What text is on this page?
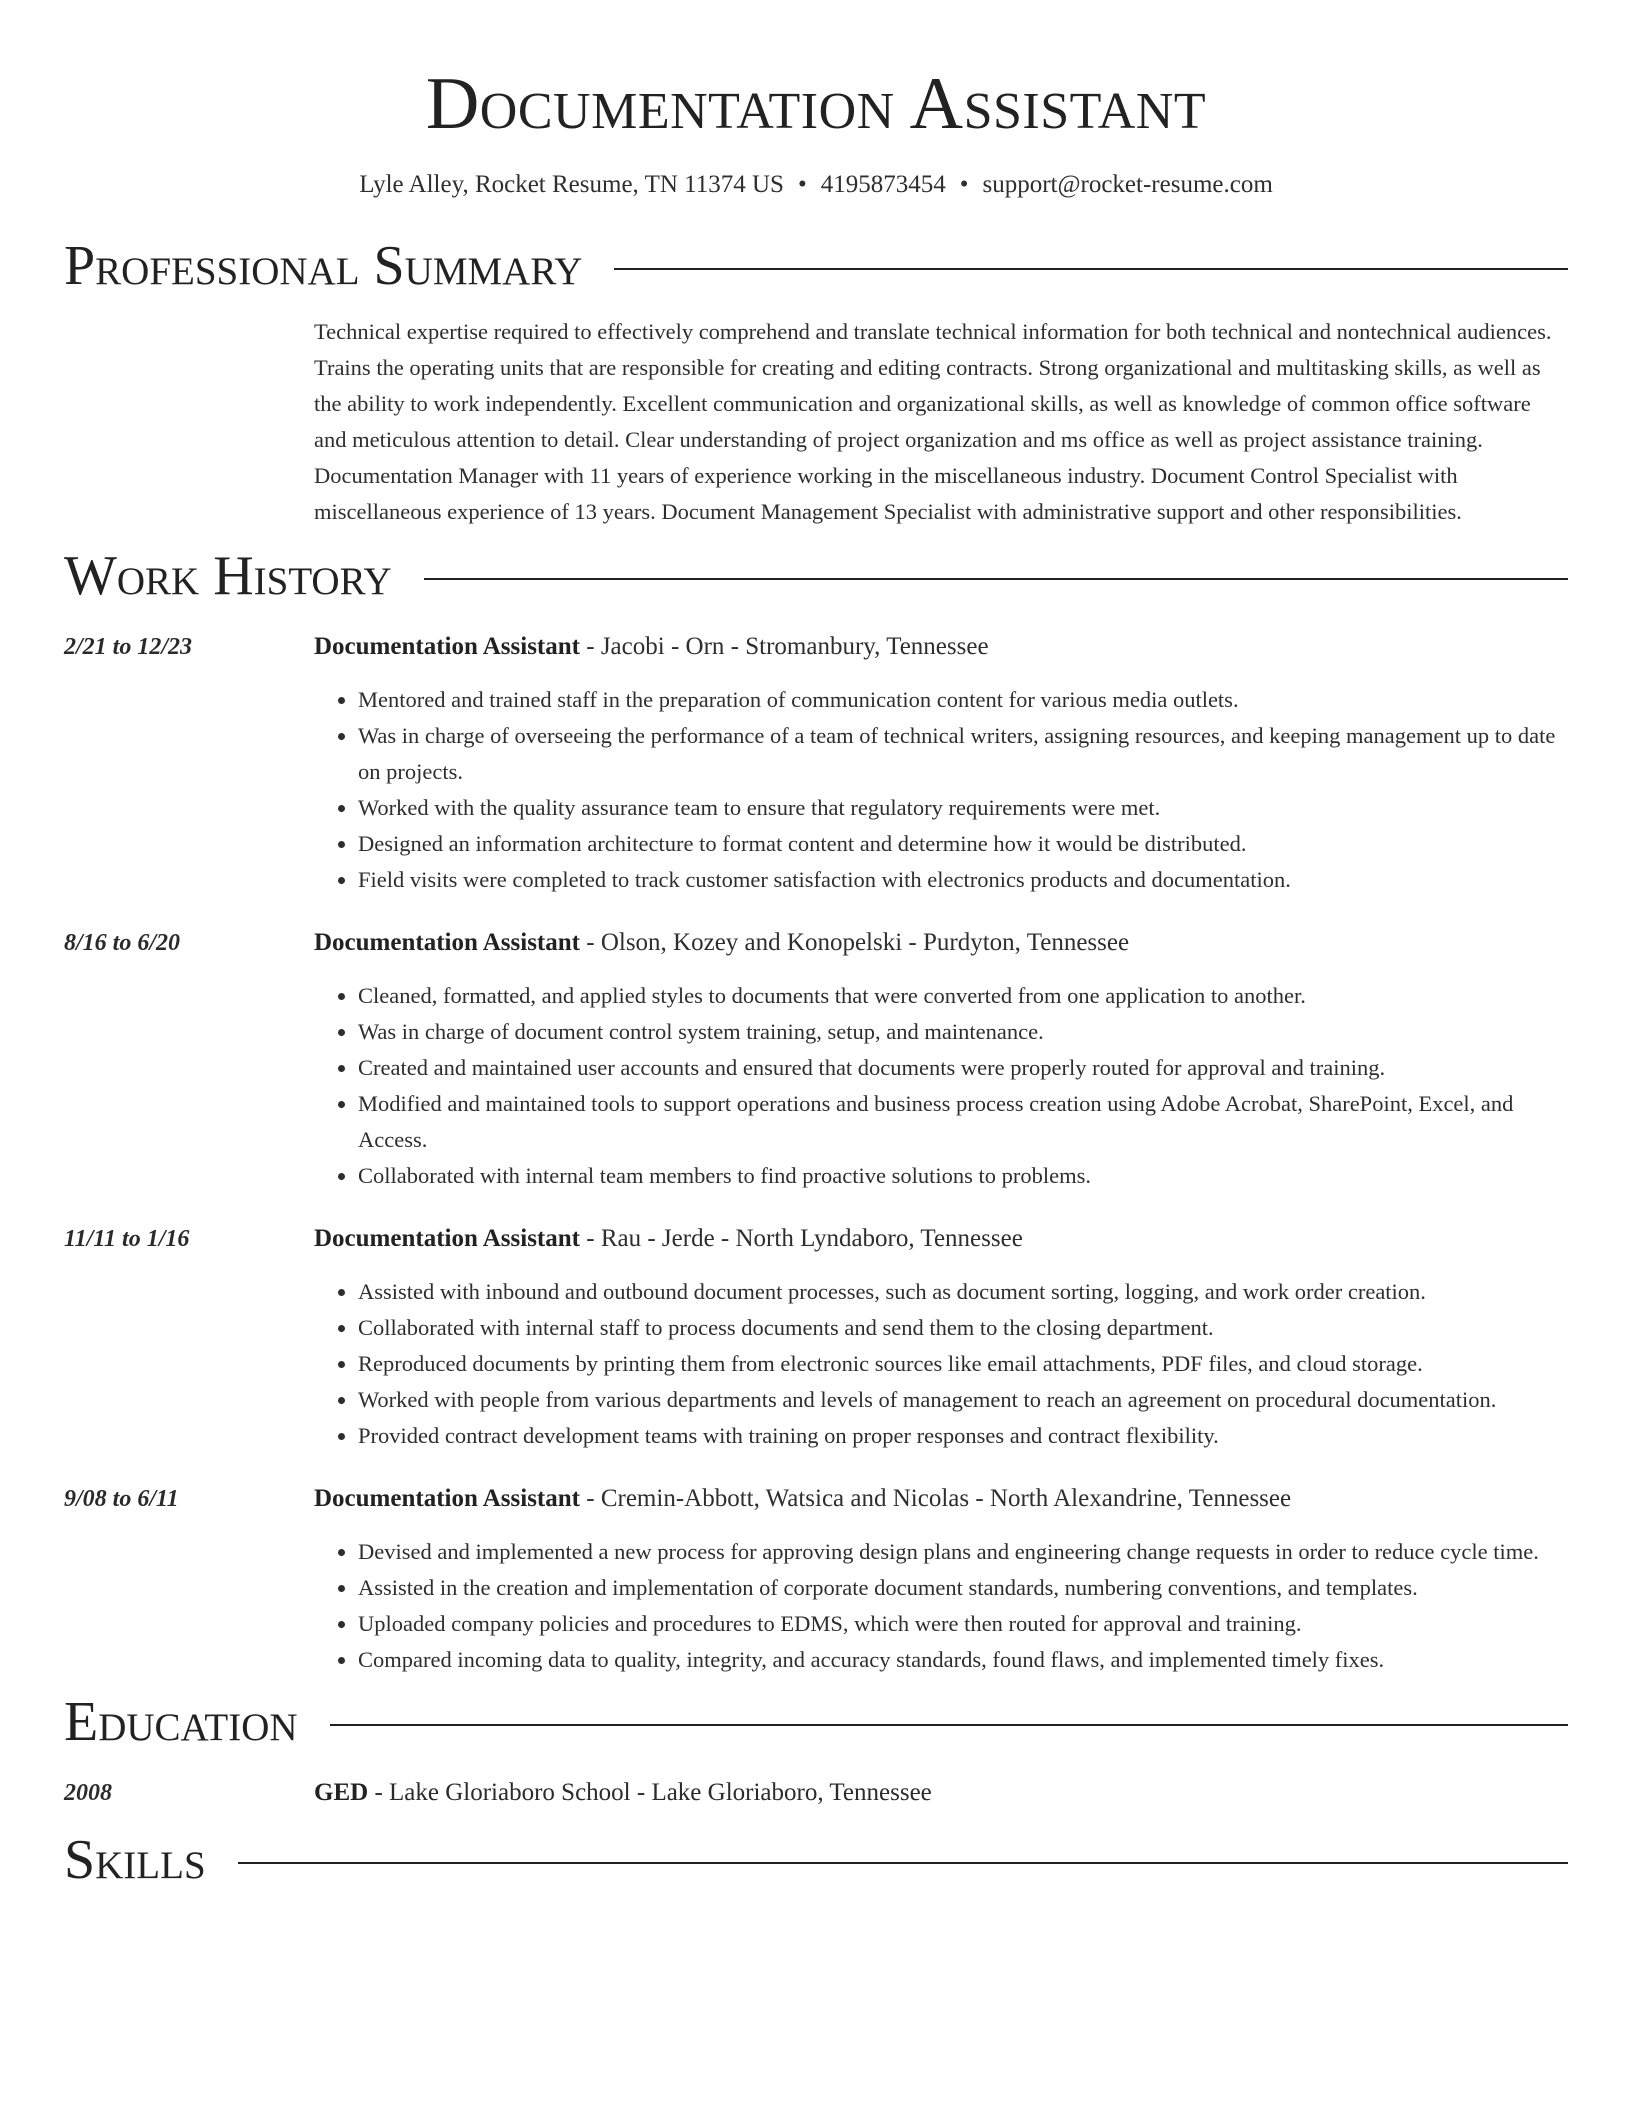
Documentation Assistant
Lyle Alley, Rocket Resume, TN 11374 US • 4195873454 • support@rocket-resume.com
Professional Summary
Technical expertise required to effectively comprehend and translate technical information for both technical and nontechnical audiences. Trains the operating units that are responsible for creating and editing contracts. Strong organizational and multitasking skills, as well as the ability to work independently. Excellent communication and organizational skills, as well as knowledge of common office software and meticulous attention to detail. Clear understanding of project organization and ms office as well as project assistance training. Documentation Manager with 11 years of experience working in the miscellaneous industry. Document Control Specialist with miscellaneous experience of 13 years. Document Management Specialist with administrative support and other responsibilities.
Work History
2/21 to 12/23	Documentation Assistant - Jacobi - Orn - Stromanbury, Tennessee
• Mentored and trained staff in the preparation of communication content for various media outlets.
• Was in charge of overseeing the performance of a team of technical writers, assigning resources, and keeping management up to date on projects.
• Worked with the quality assurance team to ensure that regulatory requirements were met.
• Designed an information architecture to format content and determine how it would be distributed.
• Field visits were completed to track customer satisfaction with electronics products and documentation.
8/16 to 6/20	Documentation Assistant - Olson, Kozey and Konopelski - Purdyton, Tennessee
• Cleaned, formatted, and applied styles to documents that were converted from one application to another.
• Was in charge of document control system training, setup, and maintenance.
• Created and maintained user accounts and ensured that documents were properly routed for approval and training.
• Modified and maintained tools to support operations and business process creation using Adobe Acrobat, SharePoint, Excel, and Access.
• Collaborated with internal team members to find proactive solutions to problems.
11/11 to 1/16	Documentation Assistant - Rau - Jerde - North Lyndaboro, Tennessee
• Assisted with inbound and outbound document processes, such as document sorting, logging, and work order creation.
• Collaborated with internal staff to process documents and send them to the closing department.
• Reproduced documents by printing them from electronic sources like email attachments, PDF files, and cloud storage.
• Worked with people from various departments and levels of management to reach an agreement on procedural documentation.
• Provided contract development teams with training on proper responses and contract flexibility.
9/08 to 6/11	Documentation Assistant - Cremin-Abbott, Watsica and Nicolas - North Alexandrine, Tennessee
• Devised and implemented a new process for approving design plans and engineering change requests in order to reduce cycle time.
• Assisted in the creation and implementation of corporate document standards, numbering conventions, and templates.
• Uploaded company policies and procedures to EDMS, which were then routed for approval and training.
• Compared incoming data to quality, integrity, and accuracy standards, found flaws, and implemented timely fixes.
Education
2008	GED - Lake Gloriaboro School - Lake Gloriaboro, Tennessee
Skills
